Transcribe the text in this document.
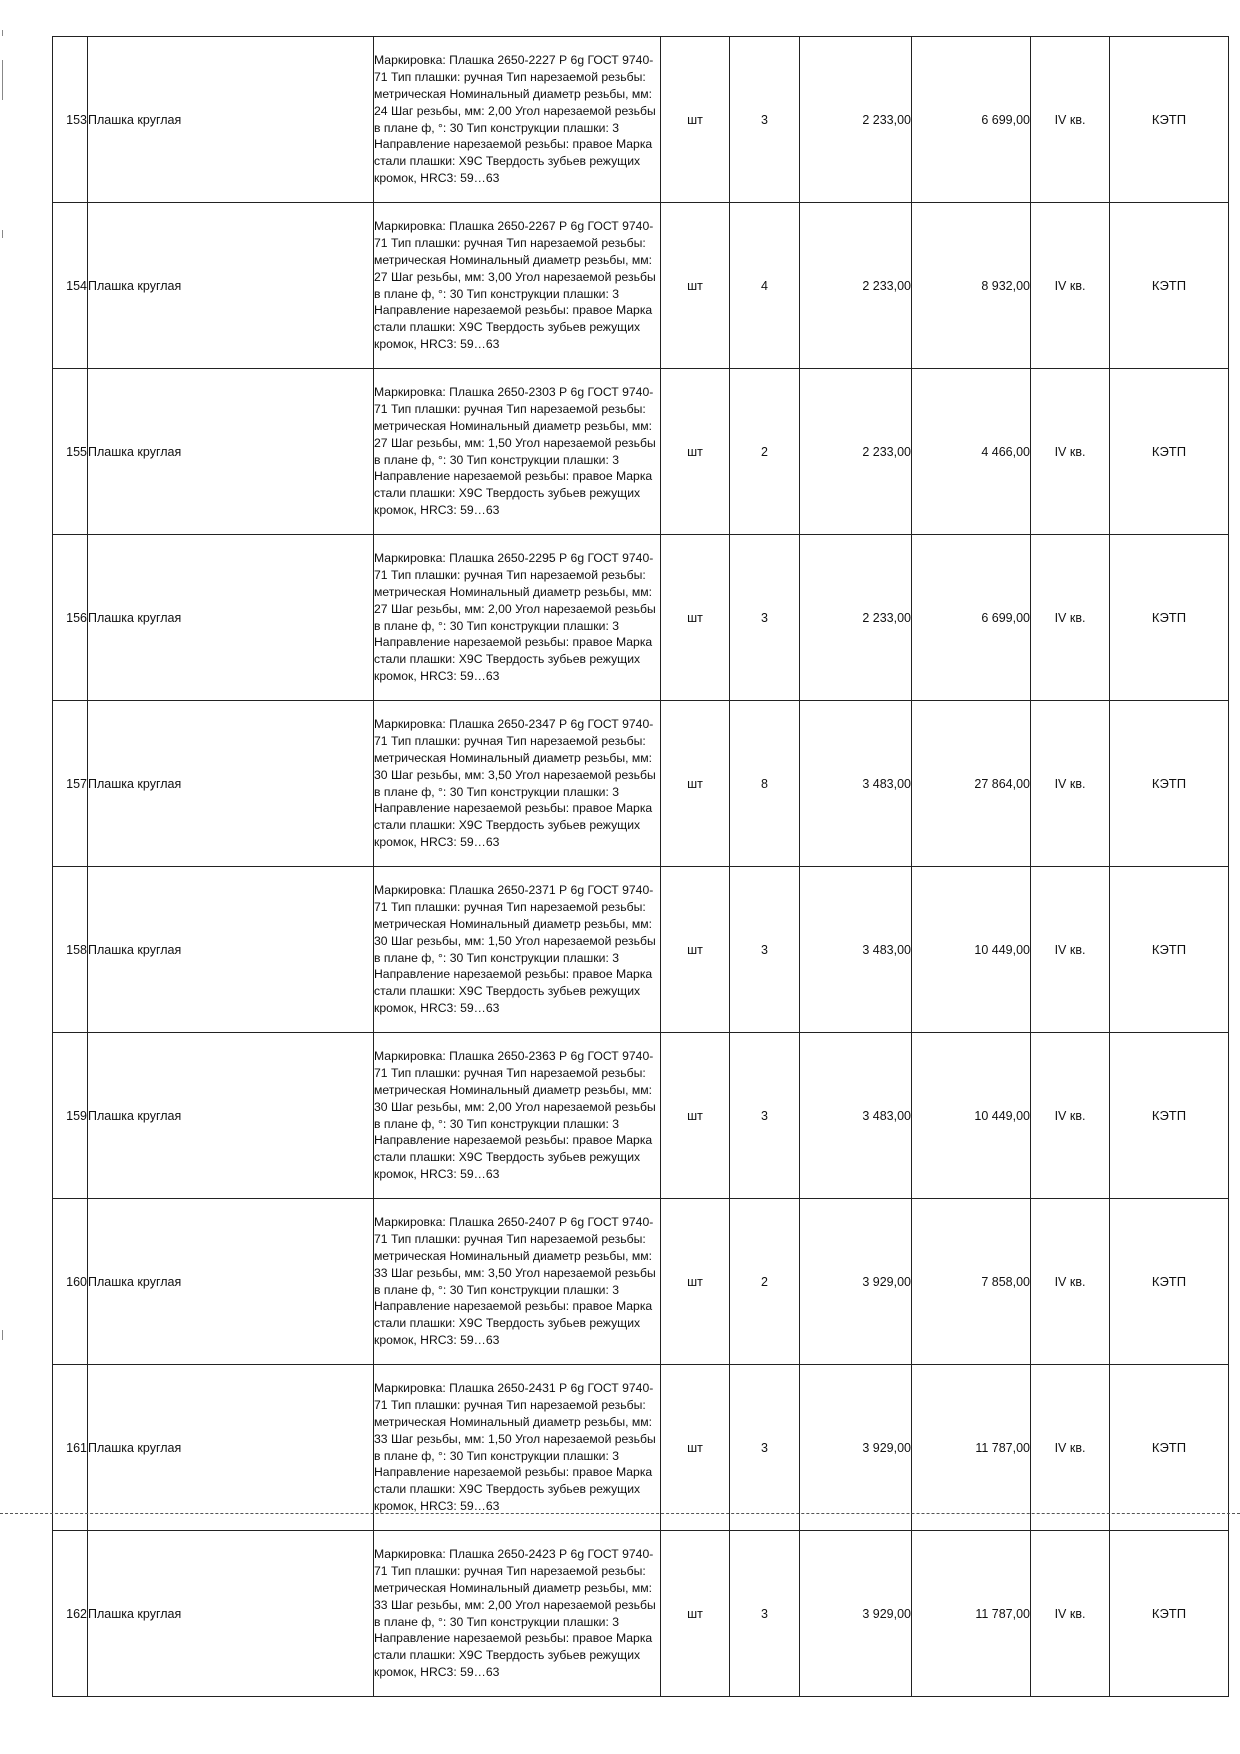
153	Плашка круглая	Маркировка: Плашка 2650-2227 Р 6g ГОСТ 9740-71 Тип плашки: ручная Тип нарезаемой резьбы: метрическая Номинальный диаметр резьбы, мм: 24 Шаг резьбы, мм: 2,00 Угол нарезаемой резьбы в плане ф, °: 30 Тип конструкции плашки: 3 Направление нарезаемой резьбы: правое Марка стали плашки: Х9С Твердость зубьев режущих кромок, HRC3: 59…63	шт	3	2 233,00	6 699,00	IV кв.	КЭТП
154	Плашка круглая	Маркировка: Плашка 2650-2267 Р 6g ГОСТ 9740-71 Тип плашки: ручная Тип нарезаемой резьбы: метрическая Номинальный диаметр резьбы, мм: 27 Шаг резьбы, мм: 3,00 Угол нарезаемой резьбы в плане ф, °: 30 Тип конструкции плашки: 3 Направление нарезаемой резьбы: правое Марка стали плашки: Х9С Твердость зубьев режущих кромок, HRC3: 59…63	шт	4	2 233,00	8 932,00	IV кв.	КЭТП
155	Плашка круглая	Маркировка: Плашка 2650-2303 Р 6g ГОСТ 9740-71 Тип плашки: ручная Тип нарезаемой резьбы: метрическая Номинальный диаметр резьбы, мм: 27 Шаг резьбы, мм: 1,50 Угол нарезаемой резьбы в плане ф, °: 30 Тип конструкции плашки: 3 Направление нарезаемой резьбы: правое Марка стали плашки: Х9С Твердость зубьев режущих кромок, HRC3: 59…63	шт	2	2 233,00	4 466,00	IV кв.	КЭТП
156	Плашка круглая	Маркировка: Плашка 2650-2295 Р 6g ГОСТ 9740-71 Тип плашки: ручная Тип нарезаемой резьбы: метрическая Номинальный диаметр резьбы, мм: 27 Шаг резьбы, мм: 2,00 Угол нарезаемой резьбы в плане ф, °: 30 Тип конструкции плашки: 3 Направление нарезаемой резьбы: правое Марка стали плашки: Х9С Твердость зубьев режущих кромок, HRC3: 59…63	шт	3	2 233,00	6 699,00	IV кв.	КЭТП
157	Плашка круглая	Маркировка: Плашка 2650-2347 Р 6g ГОСТ 9740-71 Тип плашки: ручная Тип нарезаемой резьбы: метрическая Номинальный диаметр резьбы, мм: 30 Шаг резьбы, мм: 3,50 Угол нарезаемой резьбы в плане ф, °: 30 Тип конструкции плашки: 3 Направление нарезаемой резьбы: правое Марка стали плашки: Х9С Твердость зубьев режущих кромок, HRC3: 59…63	шт	8	3 483,00	27 864,00	IV кв.	КЭТП
158	Плашка круглая	Маркировка: Плашка 2650-2371 Р 6g ГОСТ 9740-71 Тип плашки: ручная Тип нарезаемой резьбы: метрическая Номинальный диаметр резьбы, мм: 30 Шаг резьбы, мм: 1,50 Угол нарезаемой резьбы в плане ф, °: 30 Тип конструкции плашки: 3 Направление нарезаемой резьбы: правое Марка стали плашки: Х9С Твердость зубьев режущих кромок, HRC3: 59…63	шт	3	3 483,00	10 449,00	IV кв.	КЭТП
159	Плашка круглая	Маркировка: Плашка 2650-2363 Р 6g ГОСТ 9740-71 Тип плашки: ручная Тип нарезаемой резьбы: метрическая Номинальный диаметр резьбы, мм: 30 Шаг резьбы, мм: 2,00 Угол нарезаемой резьбы в плане ф, °: 30 Тип конструкции плашки: 3 Направление нарезаемой резьбы: правое Марка стали плашки: Х9С Твердость зубьев режущих кромок, HRC3: 59…63	шт	3	3 483,00	10 449,00	IV кв.	КЭТП
160	Плашка круглая	Маркировка: Плашка 2650-2407 Р 6g ГОСТ 9740-71 Тип плашки: ручная Тип нарезаемой резьбы: метрическая Номинальный диаметр резьбы, мм: 33 Шаг резьбы, мм: 3,50 Угол нарезаемой резьбы в плане ф, °: 30 Тип конструкции плашки: 3 Направление нарезаемой резьбы: правое Марка стали плашки: Х9С Твердость зубьев режущих кромок, HRC3: 59…63	шт	2	3 929,00	7 858,00	IV кв.	КЭТП
161	Плашка круглая	Маркировка: Плашка 2650-2431 Р 6g ГОСТ 9740-71 Тип плашки: ручная Тип нарезаемой резьбы: метрическая Номинальный диаметр резьбы, мм: 33 Шаг резьбы, мм: 1,50 Угол нарезаемой резьбы в плане ф, °: 30 Тип конструкции плашки: 3 Направление нарезаемой резьбы: правое Марка стали плашки: Х9С Твердость зубьев режущих кромок, HRC3: 59…63	шт	3	3 929,00	11 787,00	IV кв.	КЭТП
162	Плашка круглая	Маркировка: Плашка 2650-2423 Р 6g ГОСТ 9740-71 Тип плашки: ручная Тип нарезаемой резьбы: метрическая Номинальный диаметр резьбы, мм: 33 Шаг резьбы, мм: 2,00 Угол нарезаемой резьбы в плане ф, °: 30 Тип конструкции плашки: 3 Направление нарезаемой резьбы: правое Марка стали плашки: Х9С Твердость зубьев режущих кромок, HRC3: 59…63	шт	3	3 929,00	11 787,00	IV кв.	КЭТП
